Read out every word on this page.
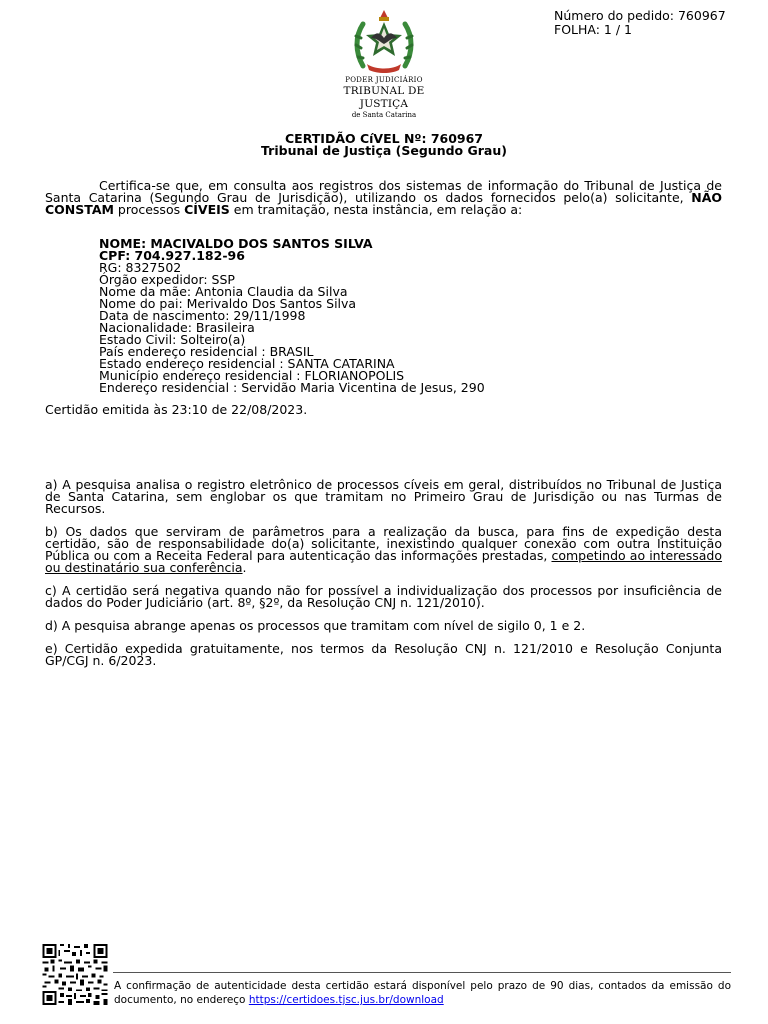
Número do pedido: 760967
FOLHA: 1 / 1
PODER JUDICIÁRIO
TRIBUNAL DE JUSTIÇA
de Santa Catarina
CERTIDÃO CíVEL Nº: 760967
Tribunal de Justiça (Segundo Grau)
Certifica-se que, em consulta aos registros dos sistemas de informação do Tribunal de Justiça de Santa Catarina (Segundo Grau de Jurisdição), utilizando os dados fornecidos pelo(a) solicitante, NÃO CONSTAM processos CÍVEIS em tramitação, nesta instância, em relação a:
NOME: MACIVALDO DOS SANTOS SILVA
CPF: 704.927.182-96
RG: 8327502
Órgão expedidor: SSP
Nome da mãe: Antonia Claudia da Silva
Nome do pai: Merivaldo Dos Santos Silva
Data de nascimento: 29/11/1998
Nacionalidade: Brasileira
Estado Civil: Solteiro(a)
País endereço residencial : BRASIL
Estado endereço residencial : SANTA CATARINA
Município endereço residencial : FLORIANOPOLIS
Endereço residencial : Servidão Maria Vicentina de Jesus, 290
Certidão emitida às 23:10 de 22/08/2023.

a) A pesquisa analisa o registro eletrônico de processos cíveis em geral, distribuídos no Tribunal de Justiça de Santa Catarina, sem englobar os que tramitam no Primeiro Grau de Jurisdição ou nas Turmas de Recursos.

b) Os dados que serviram de parâmetros para a realização da busca, para fins de expedição desta certidão, são de responsabilidade do(a) solicitante, inexistindo qualquer conexão com outra Instituição Pública ou com a Receita Federal para autenticação das informações prestadas, competindo ao interessado ou destinatário sua conferência.

c) A certidão será negativa quando não for possível a individualização dos processos por insuficiência de dados do Poder Judiciário (art. 8º, §2º, da Resolução CNJ n. 121/2010).

d) A pesquisa abrange apenas os processos que tramitam com nível de sigilo 0, 1 e 2.

e) Certidão expedida gratuitamente, nos termos da Resolução CNJ n. 121/2010 e Resolução Conjunta GP/CGJ n. 6/2023.

A confirmação de autenticidade desta certidão estará disponível pelo prazo de 90 dias, contados da emissão do documento, no endereço https://certidoes.tjsc.jus.br/download
